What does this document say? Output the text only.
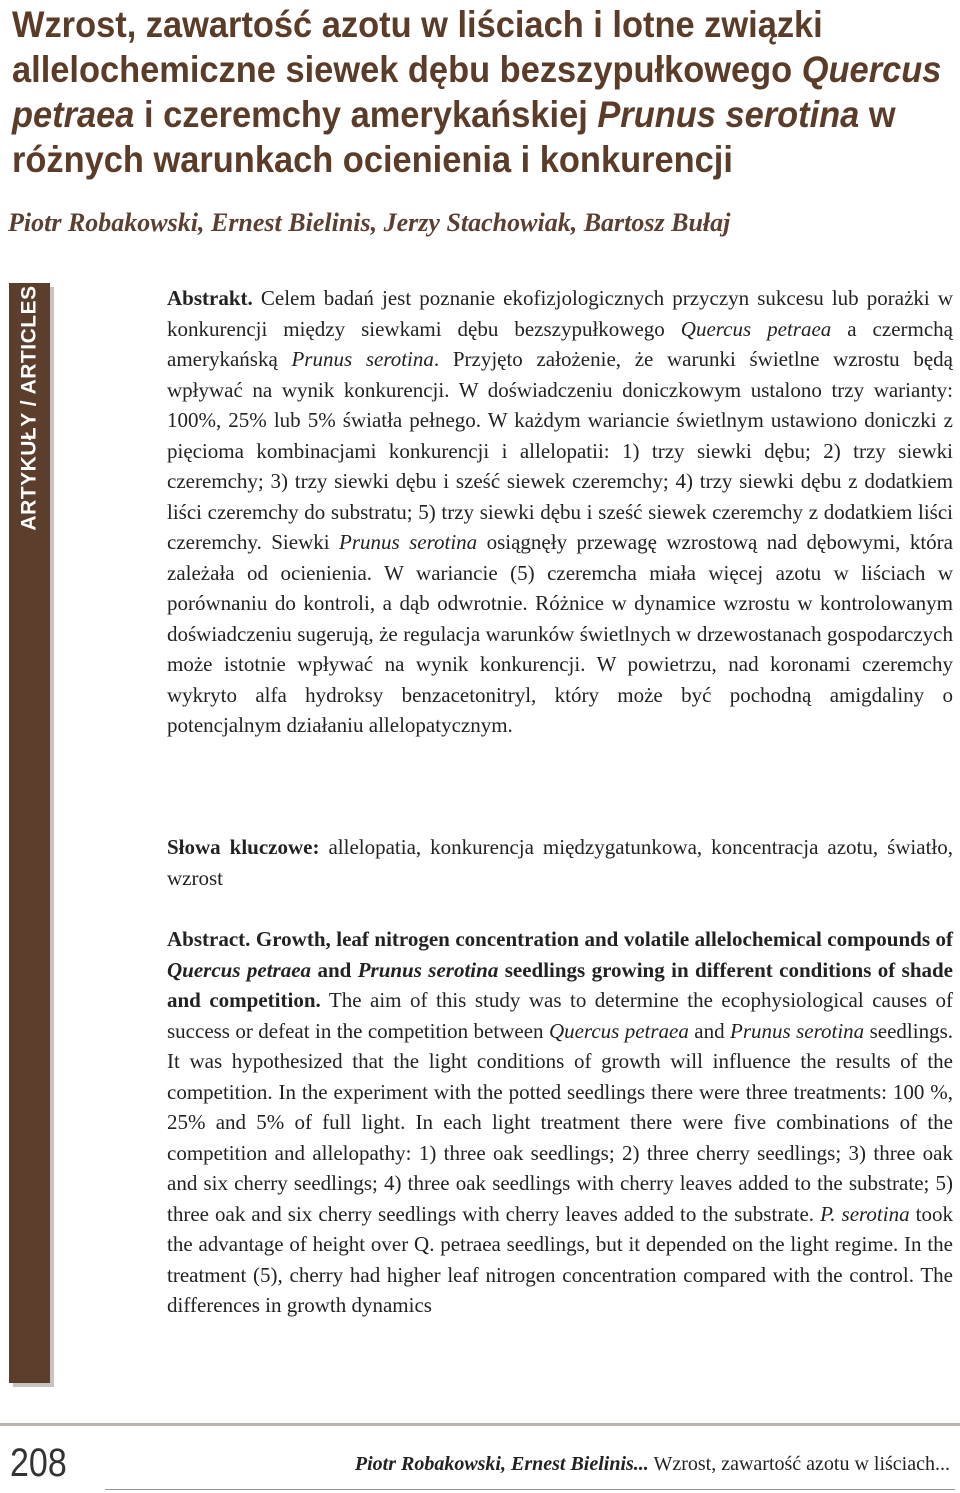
Wzrost, zawartość azotu w liściach i lotne związki allelochemiczne siewek dębu bezszypułkowego Quercus petraea i czeremchy amerykańskiej Prunus serotina w różnych warunkach ocienienia i konkurencji
Piotr Robakowski, Ernest Bielinis, Jerzy Stachowiak, Bartosz Bułaj
ARTYKUŁY / ARTICLES	Abstrakt. Celem badań jest poznanie ekofizjologicznych przyczyn sukcesu lub porażki w konkurencji między siewkami dębu bezszypułkowego Quercus petraea a czermchą amerykańską Prunus serotina. Przyjęto założenie, że warunki świetlne wzrostu będą wpływać na wynik konkurencji. W doświadczeniu doniczkowym ustalono trzy warianty: 100%, 25% lub 5% światła pełnego. W każdym wariancie świetlnym ustawiono doniczki z pięcioma kombinacjami konkurencji i allelopatii: 1) trzy siewki dębu; 2) trzy siewki czeremchy; 3) trzy siewki dębu i sześć siewek czeremchy; 4) trzy siewki dębu z dodatkiem liści czeremchy do substratu; 5) trzy siewki dębu i sześć siewek czeremchy z dodatkiem liści czeremchy. Siewki Prunus serotina osiągnęły przewagę wzrostową nad dębowymi, która zależała od ocienienia. W wariancie (5) czeremcha miała więcej azotu w liściach w porównaniu do kontroli, a dąb odwrotnie. Różnice w dynamice wzrostu w kontrolowanym doświadczeniu sugerują, że regulacja warunków świetlnych w drzewostanach gospodarczych może istotnie wpływać na wynik konkurencji. W powietrzu, nad koronami czeremchy wykryto alfa hydroksy benzacetonitryl, który może być pochodną amigdaliny o potencjalnym działaniu allelopatycznym.

Słowa kluczowe: allelopatia, konkurencja międzygatunkowa, koncentracja azotu, światło, wzrost

Abstract. Growth, leaf nitrogen concentration and volatile allelochemical compounds of Quercus petraea and Prunus serotina seedlings growing in different conditions of shade and competition. The aim of this study was to determine the ecophysiological causes of success or defeat in the competition between Quercus petraea and Prunus serotina seedlings. It was hypothesized that the light conditions of growth will influence the results of the competition. In the experiment with the potted seedlings there were three treatments: 100 %, 25% and 5% of full light. In each light treatment there were five combinations of the competition and allelopathy: 1) three oak seedlings; 2) three cherry seedlings; 3) three oak and six cherry seedlings; 4) three oak seedlings with cherry leaves added to the substrate; 5) three oak and six cherry seedlings with cherry leaves added to the substrate. P. serotina took the advantage of height over Q. petraea seedlings, but it depended on the light regime. In the treatment (5), cherry had higher leaf nitrogen concentration compared with the control. The differences in growth dynamics

208	Piotr Robakowski, Ernest Bielinis... Wzrost, zawartość azotu w liściach...
